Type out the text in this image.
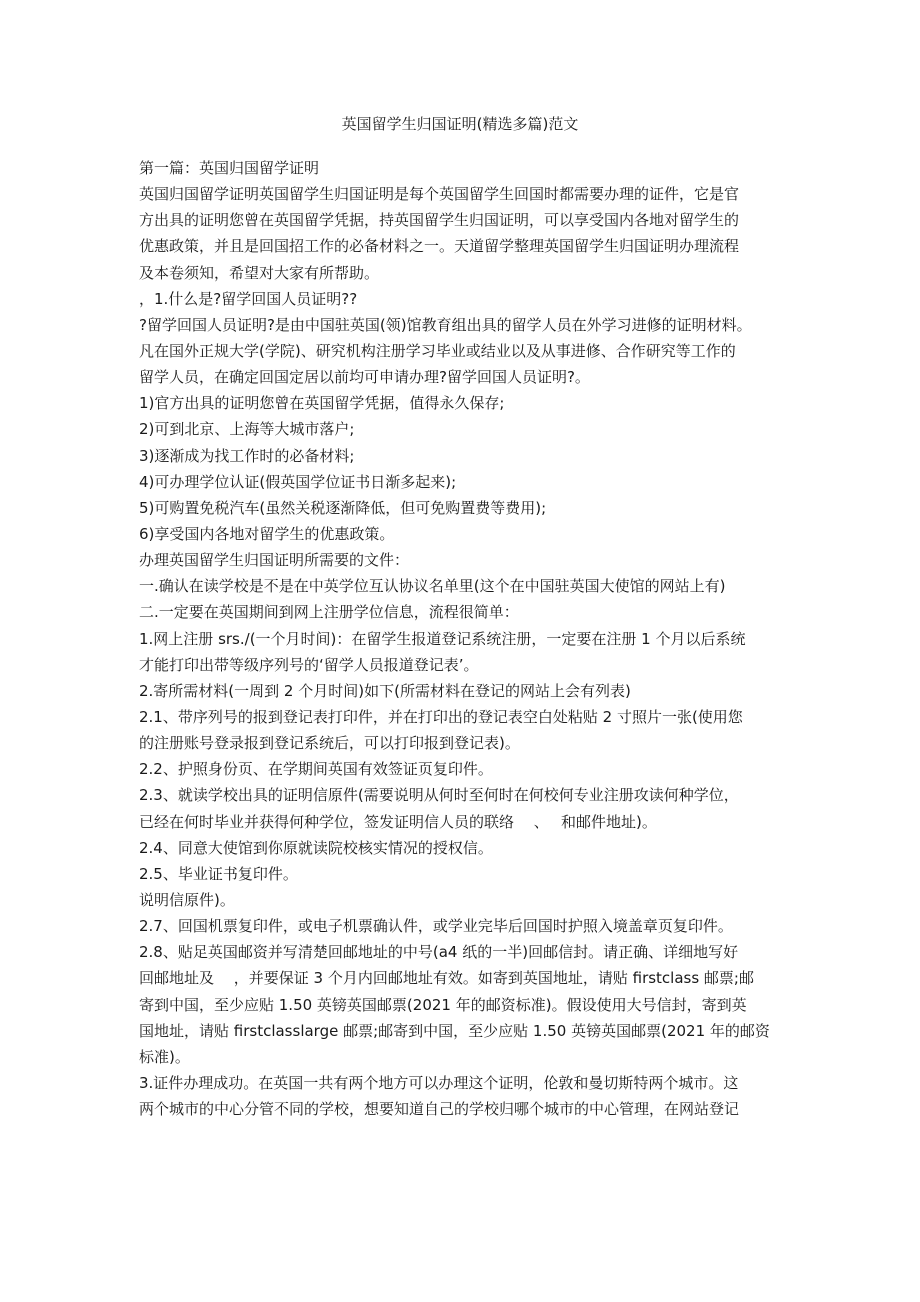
英国留学生归国证明(精选多篇)范文
第一篇：英国归国留学证明
英国归国留学证明英国留学生归国证明是每个英国留学生回国时都需要办理的证件，它是官
方出具的证明您曾在英国留学凭据，持英国留学生归国证明，可以享受国内各地对留学生的
优惠政策，并且是回国招工作的必备材料之一。天道留学整理英国留学生归国证明办理流程
及本卷须知，希望对大家有所帮助。
，1.什么是?留学回国人员证明??
?留学回国人员证明?是由中国驻英国(领)馆教育组出具的留学人员在外学习进修的证明材料。
凡在国外正规大学(学院)、研究机构注册学习毕业或结业以及从事进修、合作研究等工作的
留学人员，在确定回国定居以前均可申请办理?留学回国人员证明?。
1)官方出具的证明您曾在英国留学凭据，值得永久保存;
2)可到北京、上海等大城市落户;
3)逐渐成为找工作时的必备材料;
4)可办理学位认证(假英国学位证书日渐多起来);
5)可购置免税汽车(虽然关税逐渐降低，但可免购置费等费用);
6)享受国内各地对留学生的优惠政策。
办理英国留学生归国证明所需要的文件：
一.确认在读学校是不是在中英学位互认协议名单里(这个在中国驻英国大使馆的网站上有)
二.一定要在英国期间到网上注册学位信息，流程很简单：
1.网上注册 srs./(一个月时间)：在留学生报道登记系统注册，一定要在注册 1 个月以后系统
才能打印出带等级序列号的‘留学人员报道登记表’。
2.寄所需材料(一周到 2 个月时间)如下(所需材料在登记的网站上会有列表)
2.1、带序列号的报到登记表打印件，并在打印出的登记表空白处粘贴 2 寸照片一张(使用您
的注册账号登录报到登记系统后，可以打印报到登记表)。
2.2、护照身份页、在学期间英国有效签证页复印件。
2.3、就读学校出具的证明信原件(需要说明从何时至何时在何校何专业注册攻读何种学位，
已经在何时毕业并获得何种学位，签发证明信人员的联络　 、　 和邮件地址)。
2.4、同意大使馆到你原就读院校核实情况的授权信。
2.5、毕业证书复印件。
说明信原件)。
2.7、回国机票复印件，或电子机票确认件，或学业完毕后回国时护照入境盖章页复印件。
2.8、贴足英国邮资并写清楚回邮地址的中号(a4 纸的一半)回邮信封。请正确、详细地写好
回邮地址及　 ，并要保证 3 个月内回邮地址有效。如寄到英国地址，请贴 firstclass 邮票;邮
寄到中国，至少应贴 1.50 英镑英国邮票(2021 年的邮资标准)。假设使用大号信封，寄到英
国地址，请贴 firstclasslarge 邮票;邮寄到中国，至少应贴 1.50 英镑英国邮票(2021 年的邮资
标准)。
3.证件办理成功。在英国一共有两个地方可以办理这个证明，伦敦和曼切斯特两个城市。这
两个城市的中心分管不同的学校，想要知道自己的学校归哪个城市的中心管理，在网站登记
